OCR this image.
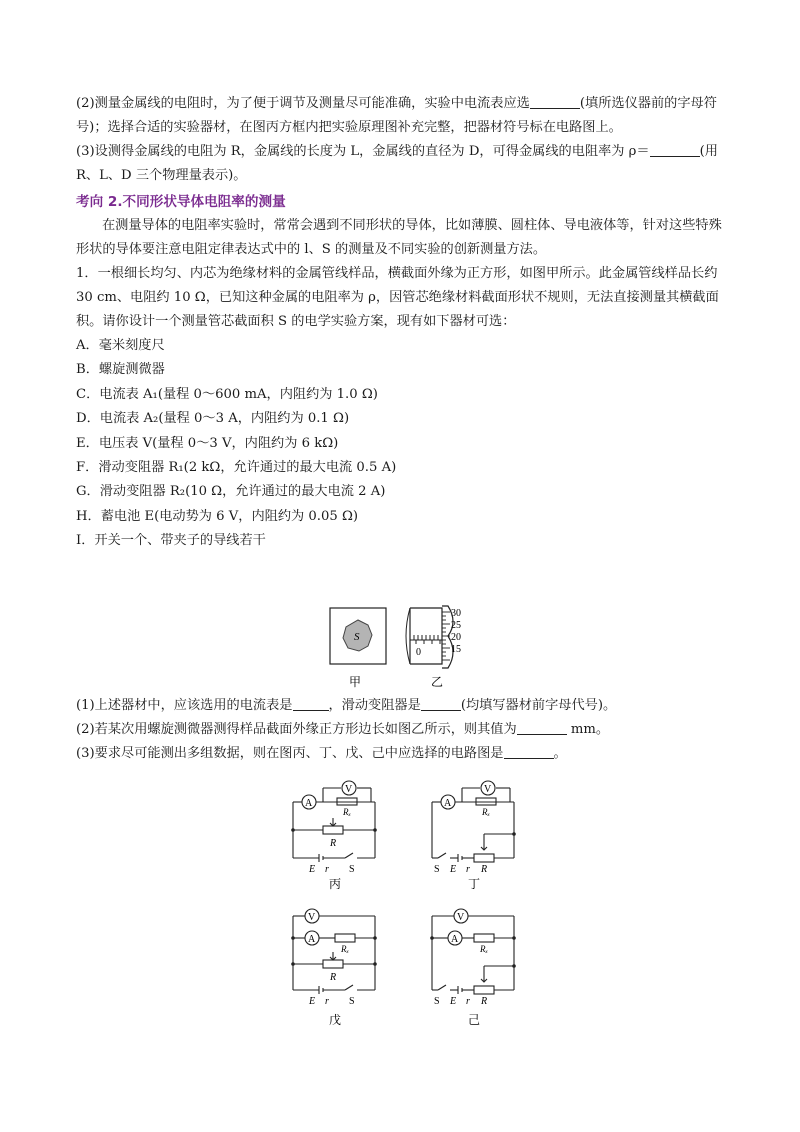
(2)测量金属线的电阻时，为了便于调节及测量尽可能准确，实验中电流表应选	(填所选仪器前的字母符号)；选择合适的实验器材，在图丙方框内把实验原理图补充完整，把器材符号标在电路图上。

(3)设测得金属线的电阻为 R，金属线的长度为 L，金属线的直径为 D，可得金属线的电阻率为 ρ＝	(用 R、L、D 三个物理量表示)。

考向 2.不同形状导体电阻率的测量

在测量导体的电阻率实验时，常常会遇到不同形状的导体，比如薄膜、圆柱体、导电液体等，针对这些特殊形状的导体要注意电阻定律表达式中的 l、S 的测量及不同实验的创新测量方法。

1．一根细长均匀、内芯为绝缘材料的金属管线样品，横截面外缘为正方形，如图甲所示。此金属管线样品长约 30 cm、电阻约 10 Ω，已知这种金属的电阻率为 ρ，因管芯绝缘材料截面形状不规则，无法直接测量其横截面积。请你设计一个测量管芯截面积 S 的电学实验方案，现有如下器材可选：

A．毫米刻度尺

B．螺旋测微器

C．电流表 A₁(量程 0～600 mA，内阻约为 1.0 Ω)

D．电流表 A₂(量程 0～3 A，内阻约为 0.1 Ω)

E．电压表 V(量程 0～3 V，内阻约为 6 kΩ)

F．滑动变阻器 R₁(2 kΩ，允许通过的最大电流 0.5 A)

G．滑动变阻器 R₂(10 Ω，允许通过的最大电流 2 A)

H．蓄电池 E(电动势为 6 V，内阻约为 0.05 Ω)

I．开关一个、带夹子的导线若干

S
甲
0
30
25
20
15
乙

(1)上述器材中，应该选用的电流表是	，滑动变阻器是	(均填写器材前字母代号)。

(2)若某次用螺旋测微器测得样品截面外缘正方形边长如图乙所示，则其值为	mm。

(3)要求尽可能测出多组数据，则在图丙、丁、戊、己中应选择的电路图是	。

A
V
Rₓ
R
E r S
丙
A
V
Rₓ
S E r R
丁
V
A
Rₓ
R
E r S
戊
V
A
Rₓ
S E r R
己
